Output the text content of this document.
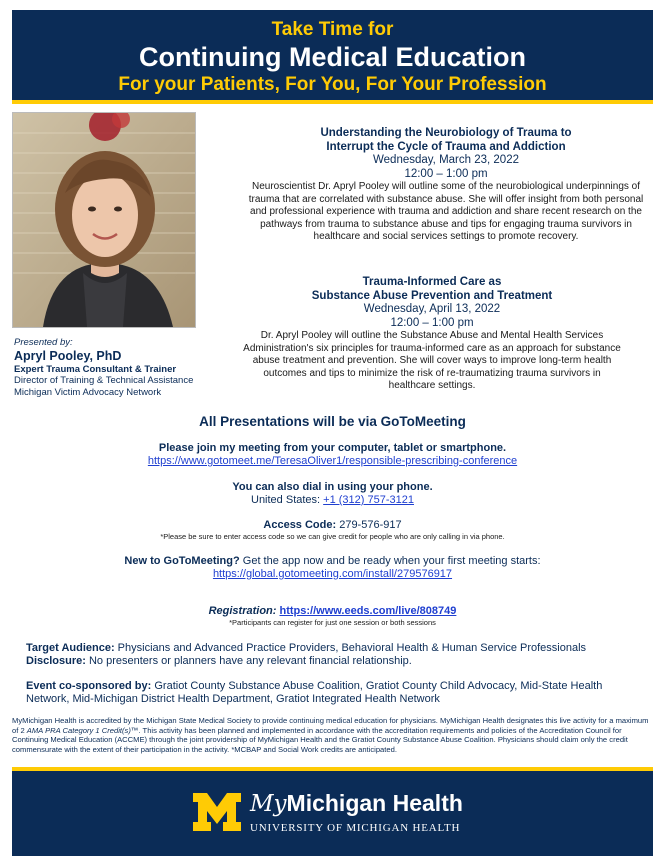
Take Time for
Continuing Medical Education
For your Patients, For You, For Your Profession
Presented by:
Apryl Pooley, PhD
Expert Trauma Consultant & Trainer
Director of Training & Technical Assistance
Michigan Victim Advocacy Network
Understanding the Neurobiology of Trauma to
Interrupt the Cycle of Trauma and Addiction
Wednesday, March 23, 2022
12:00 – 1:00 pm
Neuroscientist Dr. Apryl Pooley will outline some of the neurobiological underpinnings of trauma that are correlated with substance abuse. She will offer insight from both personal and professional experience with trauma and addiction and share recent research on the pathways from trauma to substance abuse and tips for engaging trauma survivors in healthcare and social services settings to promote recovery.
Trauma-Informed Care as
Substance Abuse Prevention and Treatment
Wednesday, April 13, 2022
12:00 – 1:00 pm
Dr. Apryl Pooley will outline the Substance Abuse and Mental Health Services Administration's six principles for trauma-informed care as an approach for substance abuse treatment and prevention. She will cover ways to improve long-term health outcomes and tips to minimize the risk of re-traumatizing trauma survivors in healthcare settings.
All Presentations will be via GoToMeeting
Please join my meeting from your computer, tablet or smartphone.
https://www.gotomeet.me/TeresaOliver1/responsible-prescribing-conference
You can also dial in using your phone.
United States: +1 (312) 757-3121
Access Code: 279-576-917
*Please be sure to enter access code so we can give credit for people who are only calling in via phone.
New to GoToMeeting? Get the app now and be ready when your first meeting starts:
https://global.gotomeeting.com/install/279576917
Registration: https://www.eeds.com/live/808749
*Participants can register for just one session or both sessions
Target Audience: Physicians and Advanced Practice Providers, Behavioral Health & Human Service Professionals
Disclosure: No presenters or planners have any relevant financial relationship.
Event co-sponsored by: Gratiot County Substance Abuse Coalition, Gratiot County Child Advocacy, Mid-State Health Network, Mid-Michigan District Health Department, Gratiot Integrated Health Network
MyMichigan Health is accredited by the Michigan State Medical Society to provide continuing medical education for physicians. MyMichigan Health designates this live activity for a maximum of 2 AMA PRA Category 1 Credit(s)™. This activity has been planned and implemented in accordance with the accreditation requirements and policies of the Accreditation Council for Continuing Medical Education (ACCME) through the joint providership of MyMichigan Health and the Gratiot County Substance Abuse Coalition. Physicians should claim only the credit commensurate with the extent of their participation in the activity. *MCBAP and Social Work credits are anticipated.
MyMichigan Health
UNIVERSITY OF MICHIGAN HEALTH
